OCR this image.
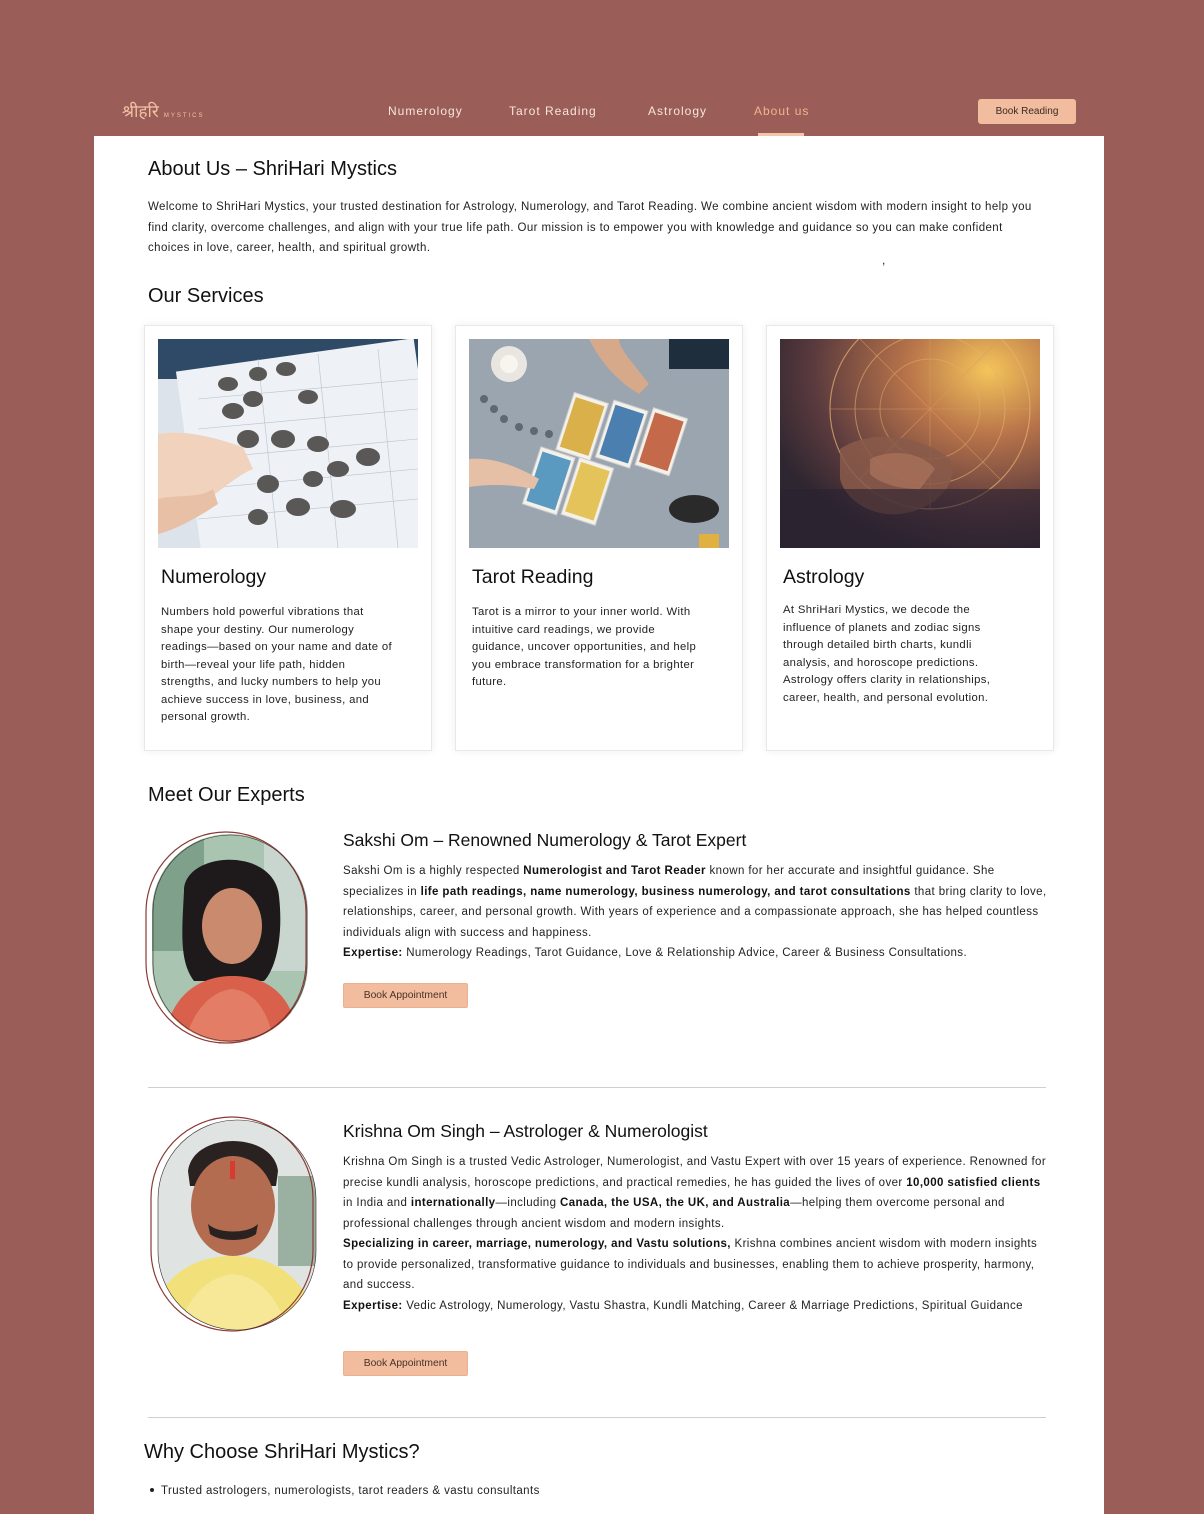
श्रीहरि MYSTICS	Numerology	Tarot Reading	Astrology	About us	Book Reading
About Us – ShriHari Mystics

Welcome to ShriHari Mystics, your trusted destination for Astrology, Numerology, and Tarot Reading. We combine ancient wisdom with modern insight to help you find clarity, overcome challenges, and align with your true life path. Our mission is to empower you with knowledge and guidance so you can make confident choices in love, career, health, and spiritual growth.

,
Our Services
Numerology

Numbers hold powerful vibrations that shape your destiny. Our numerology readings—based on your name and date of birth—reveal your life path, hidden strengths, and lucky numbers to help you achieve success in love, business, and personal growth.

Tarot Reading

Tarot is a mirror to your inner world. With intuitive card readings, we provide guidance, uncover opportunities, and help you embrace transformation for a brighter future.

Astrology

At ShriHari Mystics, we decode the influence of planets and zodiac signs through detailed birth charts, kundli analysis, and horoscope predictions. Astrology offers clarity in relationships, career, health, and personal evolution.

Meet Our Experts
Sakshi Om – Renowned Numerology & Tarot Expert

Sakshi Om is a highly respected Numerologist and Tarot Reader known for her accurate and insightful guidance. She specializes in life path readings, name numerology, business numerology, and tarot consultations that bring clarity to love, relationships, career, and personal growth. With years of experience and a compassionate approach, she has helped countless individuals align with success and happiness.
Expertise: Numerology Readings, Tarot Guidance, Love & Relationship Advice, Career & Business Consultations.

Book Appointment
Krishna Om Singh – Astrologer & Numerologist

Krishna Om Singh is a trusted Vedic Astrologer, Numerologist, and Vastu Expert with over 15 years of experience. Renowned for precise kundli analysis, horoscope predictions, and practical remedies, he has guided the lives of over 10,000 satisfied clients in India and internationally—including Canada, the USA, the UK, and Australia—helping them overcome personal and professional challenges through ancient wisdom and modern insights.
Specializing in career, marriage, numerology, and Vastu solutions, Krishna combines ancient wisdom with modern insights to provide personalized, transformative guidance to individuals and businesses, enabling them to achieve prosperity, harmony, and success.
Expertise: Vedic Astrology, Numerology, Vastu Shastra, Kundli Matching, Career & Marriage Predictions, Spiritual Guidance

Book Appointment
Why Choose ShriHari Mystics?
Trusted astrologers, numerologists, tarot readers & vastu consultants
